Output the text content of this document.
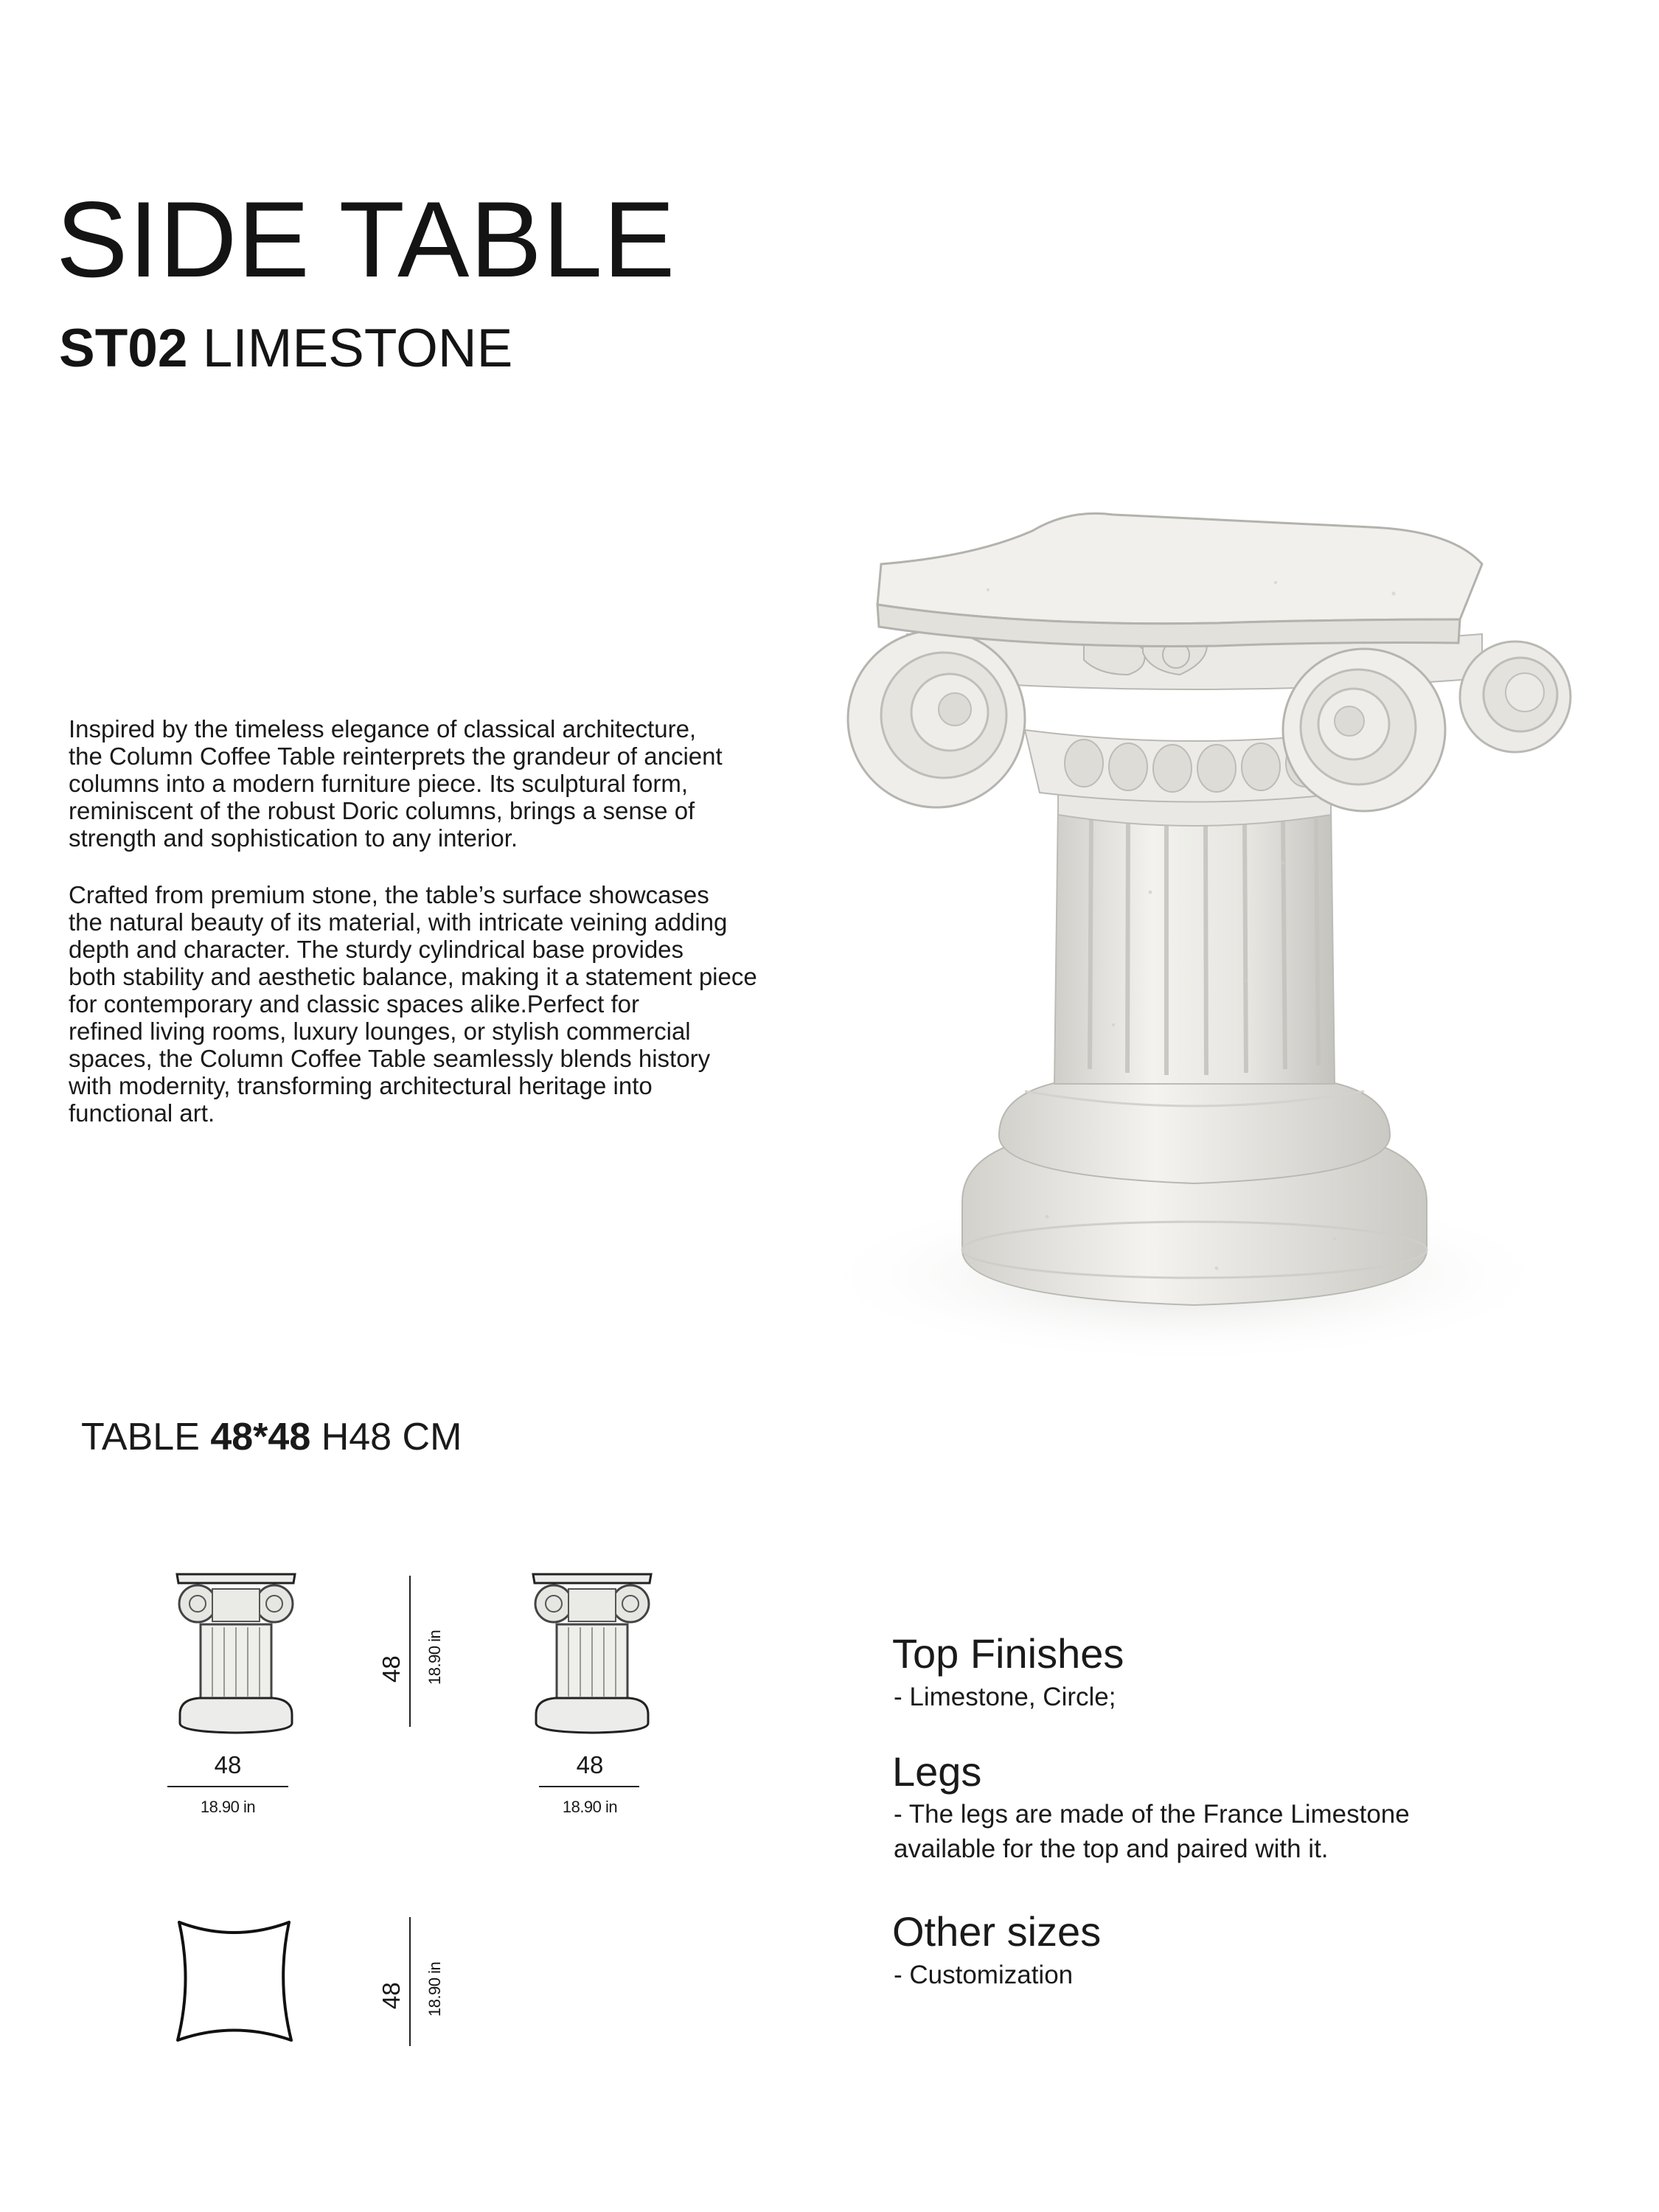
SIDE TABLE
ST02 LIMESTONE
Inspired by the timeless elegance of classical architecture,
the Column Coffee Table reinterprets the grandeur of ancient
columns into a modern furniture piece. Its sculptural form,
reminiscent of the robust Doric columns, brings a sense of
strength and sophistication to any interior.
Crafted from premium stone, the table’s surface showcases
the natural beauty of its material, with intricate veining adding
depth and character. The sturdy cylindrical base provides
both stability and aesthetic balance, making it a statement piece
for contemporary and classic spaces alike.Perfect for
refined living rooms, luxury lounges, or stylish commercial
spaces, the Column Coffee Table seamlessly blends history
with modernity, transforming architectural heritage into
functional art.
TABLE 48*48 H48 CM
48
18.90 in
48 18.90 in
48
18.90 in
48 18.90 in
Top Finishes
- Limestone, Circle;
Legs
- The legs are made of the France Limestone
available for the top and paired with it.
Other sizes
- Customization
